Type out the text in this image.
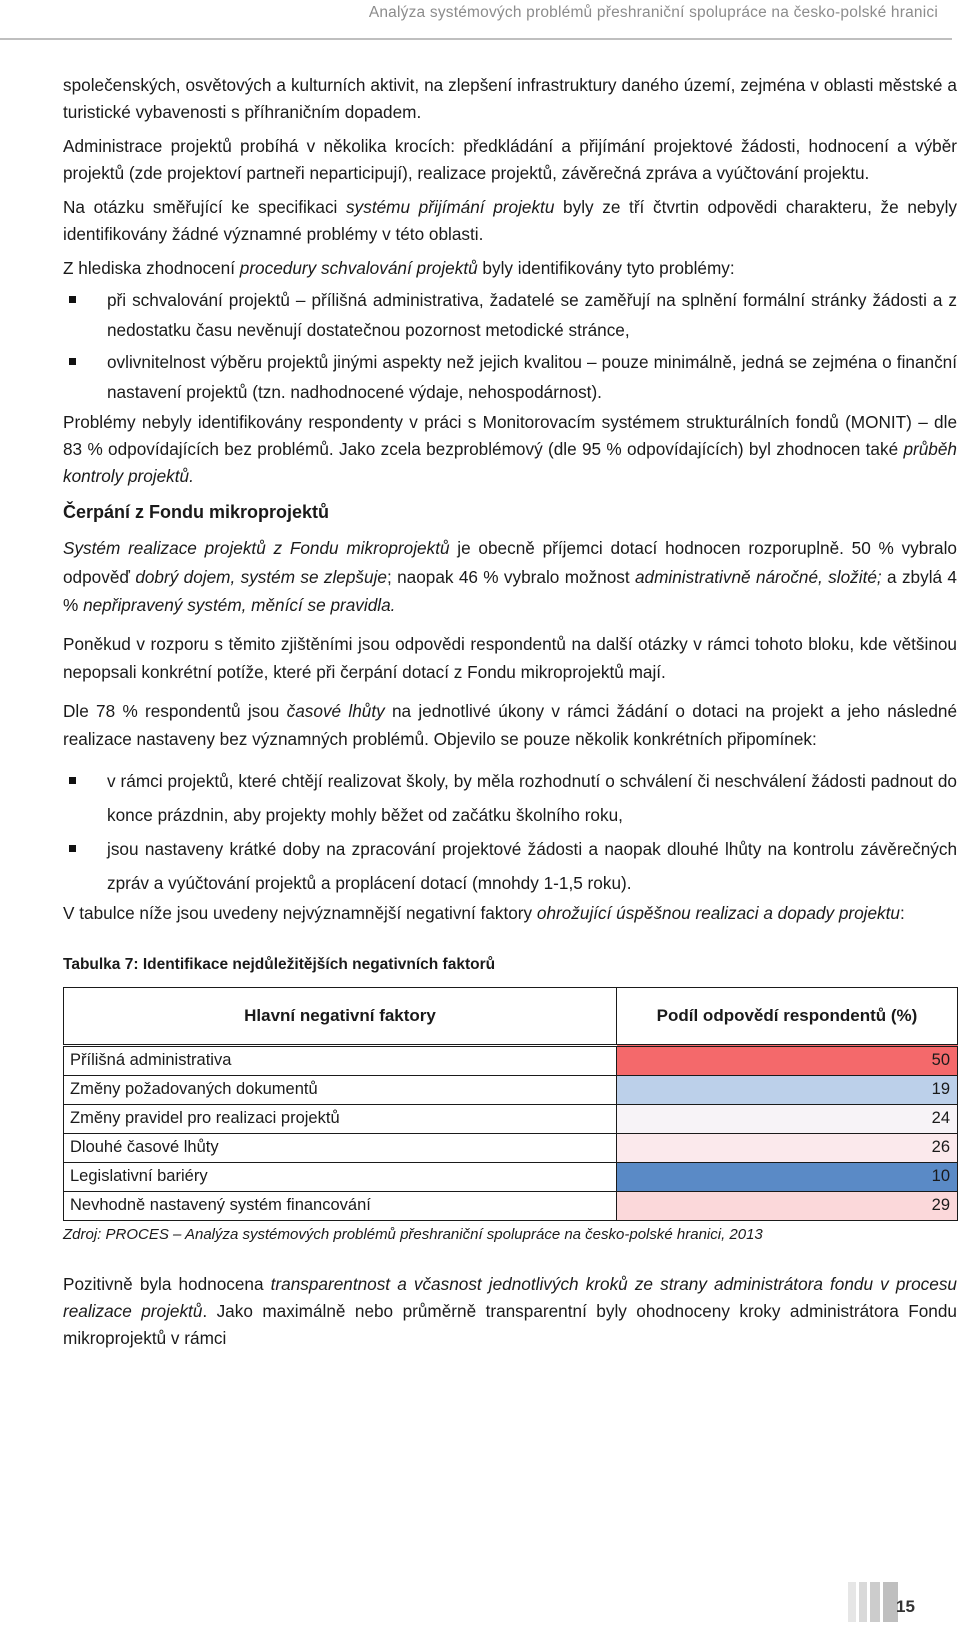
Analýza systémových problémů přeshraniční spolupráce na česko-polské hranici

společenských, osvětových a kulturních aktivit, na zlepšení infrastruktury daného území, zejména v oblasti městské a turistické vybavenosti s příhraničním dopadem.

Administrace projektů probíhá v několika krocích: předkládání a přijímání projektové žádosti, hodnocení a výběr projektů (zde projektoví partneři neparticipují), realizace projektů, závěrečná zpráva a vyúčtování projektu.

Na otázku směřující ke specifikaci systému přijímání projektu byly ze tří čtvrtin odpovědi charakteru, že nebyly identifikovány žádné významné problémy v této oblasti.

Z hlediska zhodnocení procedury schvalování projektů byly identifikovány tyto problémy:

při schvalování projektů – přílišná administrativa, žadatelé se zaměřují na splnění formální stránky žádosti a z nedostatku času nevěnují dostatečnou pozornost metodické stránce,
ovlivnitelnost výběru projektů jinými aspekty než jejich kvalitou – pouze minimálně, jedná se zejména o finanční nastavení projektů (tzn. nadhodnocené výdaje, nehospodárnost).

Problémy nebyly identifikovány respondenty v práci s Monitorovacím systémem strukturálních fondů (MONIT) – dle 83 % odpovídajících bez problémů. Jako zcela bezproblémový (dle 95 % odpovídajících) byl zhodnocen také průběh kontroly projektů.

Čerpání z Fondu mikroprojektů

Systém realizace projektů z Fondu mikroprojektů je obecně příjemci dotací hodnocen rozporuplně. 50 % vybralo odpověď dobrý dojem, systém se zlepšuje; naopak 46 % vybralo možnost administrativně náročné, složité; a zbylá 4 % nepřipravený systém, měnící se pravidla.

Poněkud v rozporu s těmito zjištěními jsou odpovědi respondentů na další otázky v rámci tohoto bloku, kde většinou nepopsali konkrétní potíže, které při čerpání dotací z Fondu mikroprojektů mají.

Dle 78 % respondentů jsou časové lhůty na jednotlivé úkony v rámci žádání o dotaci na projekt a jeho následné realizace nastaveny bez významných problémů. Objevilo se pouze několik konkrétních připomínek:

v rámci projektů, které chtějí realizovat školy, by měla rozhodnutí o schválení či neschválení žádosti padnout do konce prázdnin, aby projekty mohly běžet od začátku školního roku,
jsou nastaveny krátké doby na zpracování projektové žádosti a naopak dlouhé lhůty na kontrolu závěrečných zpráv a vyúčtování projektů a proplácení dotací (mnohdy 1-1,5 roku).

V tabulce níže jsou uvedeny nejvýznamnější negativní faktory ohrožující úspěšnou realizaci a dopady projektu:

Tabulka 7: Identifikace nejdůležitějších negativních faktorů
Hlavní negativní faktory	Podíl odpovědí respondentů (%)
Přílišná administrativa	50
Změny požadovaných dokumentů	19
Změny pravidel pro realizaci projektů	24
Dlouhé časové lhůty	26
Legislativní bariéry	10
Nevhodně nastavený systém financování	29
Zdroj: PROCES – Analýza systémových problémů přeshraniční spolupráce na česko-polské hranici, 2013

Pozitivně byla hodnocena transparentnost a včasnost jednotlivých kroků ze strany administrátora fondu v procesu realizace projektů. Jako maximálně nebo průměrně transparentní byly ohodnoceny kroky administrátora Fondu mikroprojektů v rámci

15
